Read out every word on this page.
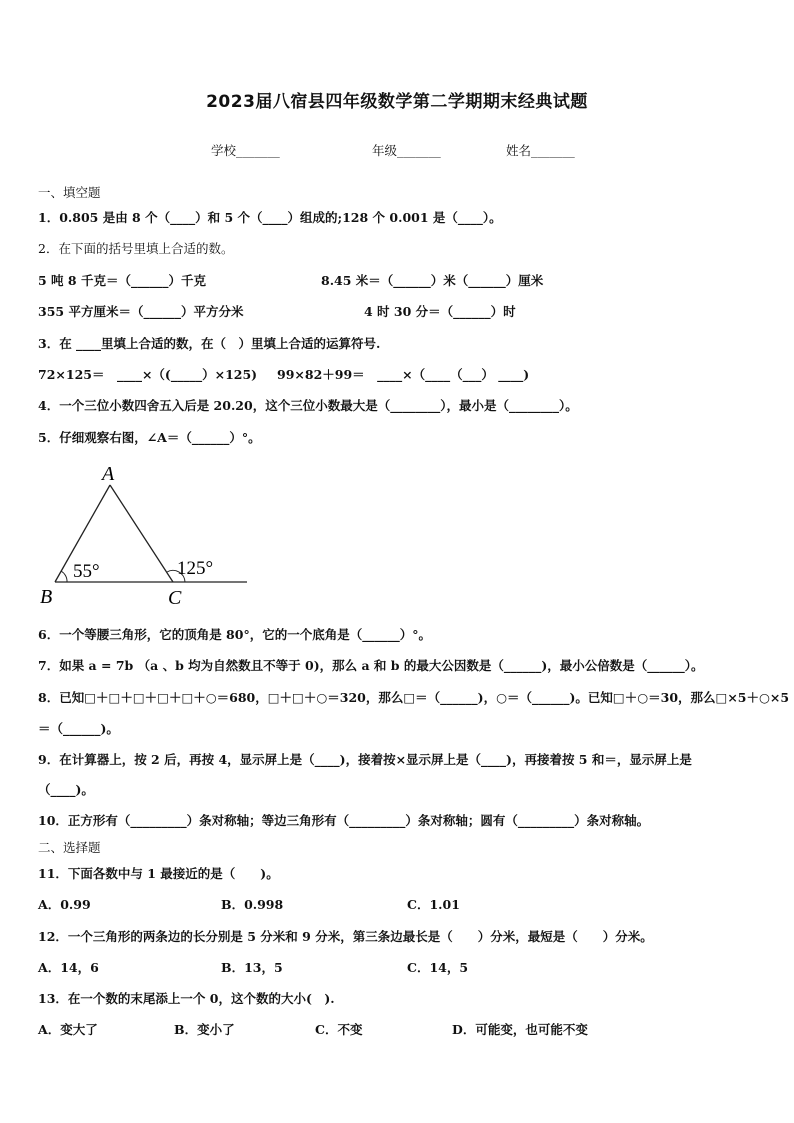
2023届八宿县四年级数学第二学期期末经典试题
学校_______	年级_______	姓名_______
一、填空题
1．0.805 是由 8 个（____）和 5 个（____）组成的;128 个 0.001 是（____）。
2．在下面的括号里填上合适的数。
5 吨 8 千克＝（______）千克	8.45 米＝（______）米（______）厘米
355 平方厘米＝（______）平方分米	4 时 30 分＝（______）时
3．在 ____里填上合适的数，在（　）里填上合适的运算符号.
72×125＝　____×（(_____）×125) 99×82＋99＝　____×（____（___） ____)
4．一个三位小数四舍五入后是 20.20，这个三位小数最大是（________），最小是（________）。
5．仔细观察右图，∠A＝（______）°。
A
B	C
55°	125°
6．一个等腰三角形，它的顶角是 80°，它的一个底角是（______）°。
7．如果 a = 7b （a 、b 均为自然数且不等于 0)，那么 a 和 b 的最大公因数是（______)，最小公倍数是（______）。
8．已知□＋□＋□＋□＋□＋○＝680，□＋□＋○＝320，那么□＝（______)，○＝（______)。已知□＋○＝30，那么□×5＋○×5
＝（______)。
9．在计算器上，按 2 后，再按 4，显示屏上是（____)，接着按×显示屏上是（____)，再接着按 5 和＝，显示屏上是
（____)。
10．正方形有（_________）条对称轴；等边三角形有（_________）条对称轴；圆有（_________）条对称轴。
二、选择题
11．下面各数中与 1 最接近的是（　　)。
A．0.99	B．0.998	C．1.01
12．一个三角形的两条边的长分别是 5 分米和 9 分米，第三条边最长是（　　）分米，最短是（　　）分米。
A．14，6	B．13，5	C．14，5
13．在一个数的末尾添上一个 0，这个数的大小(　).
A．变大了	B．变小了	C．不变	D．可能变，也可能不变
